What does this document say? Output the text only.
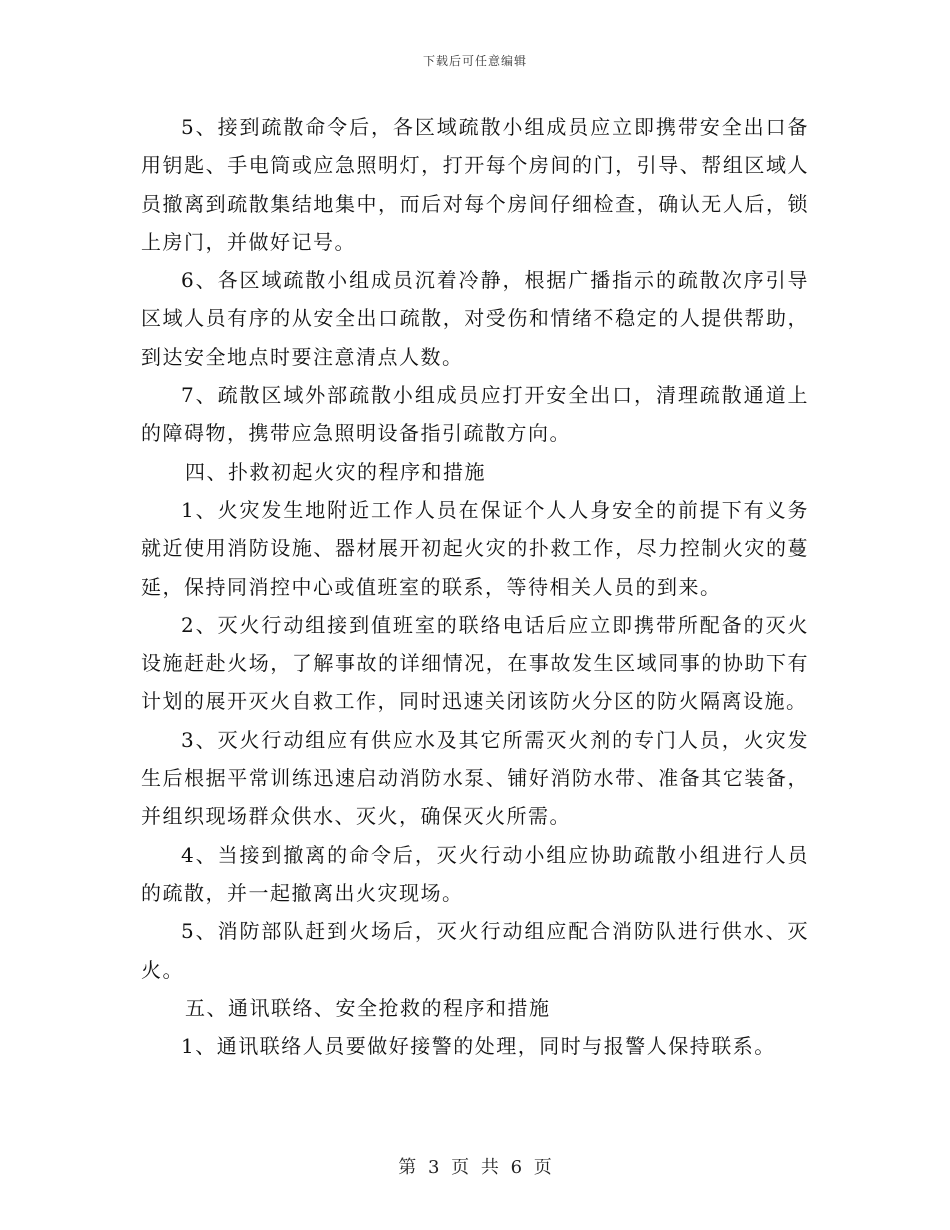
下载后可任意编辑

5、接到疏散命令后，各区域疏散小组成员应立即携带安全出口备用钥匙、手电筒或应急照明灯，打开每个房间的门，引导、帮组区域人员撤离到疏散集结地集中，而后对每个房间仔细检查，确认无人后，锁上房门，并做好记号。

6、各区域疏散小组成员沉着冷静，根据广播指示的疏散次序引导区域人员有序的从安全出口疏散，对受伤和情绪不稳定的人提供帮助，到达安全地点时要注意清点人数。

7、疏散区域外部疏散小组成员应打开安全出口，清理疏散通道上的障碍物，携带应急照明设备指引疏散方向。

四、扑救初起火灾的程序和措施

1、火灾发生地附近工作人员在保证个人人身安全的前提下有义务就近使用消防设施、器材展开初起火灾的扑救工作，尽力控制火灾的蔓延，保持同消控中心或值班室的联系，等待相关人员的到来。

2、灭火行动组接到值班室的联络电话后应立即携带所配备的灭火设施赶赴火场，了解事故的详细情况，在事故发生区域同事的协助下有计划的展开灭火自救工作，同时迅速关闭该防火分区的防火隔离设施。

3、灭火行动组应有供应水及其它所需灭火剂的专门人员，火灾发生后根据平常训练迅速启动消防水泵、铺好消防水带、准备其它装备，并组织现场群众供水、灭火，确保灭火所需。

4、当接到撤离的命令后，灭火行动小组应协助疏散小组进行人员的疏散，并一起撤离出火灾现场。

5、消防部队赶到火场后，灭火行动组应配合消防队进行供水、灭火。

五、通讯联络、安全抢救的程序和措施

1、通讯联络人员要做好接警的处理，同时与报警人保持联系。

第 3 页 共 6 页
